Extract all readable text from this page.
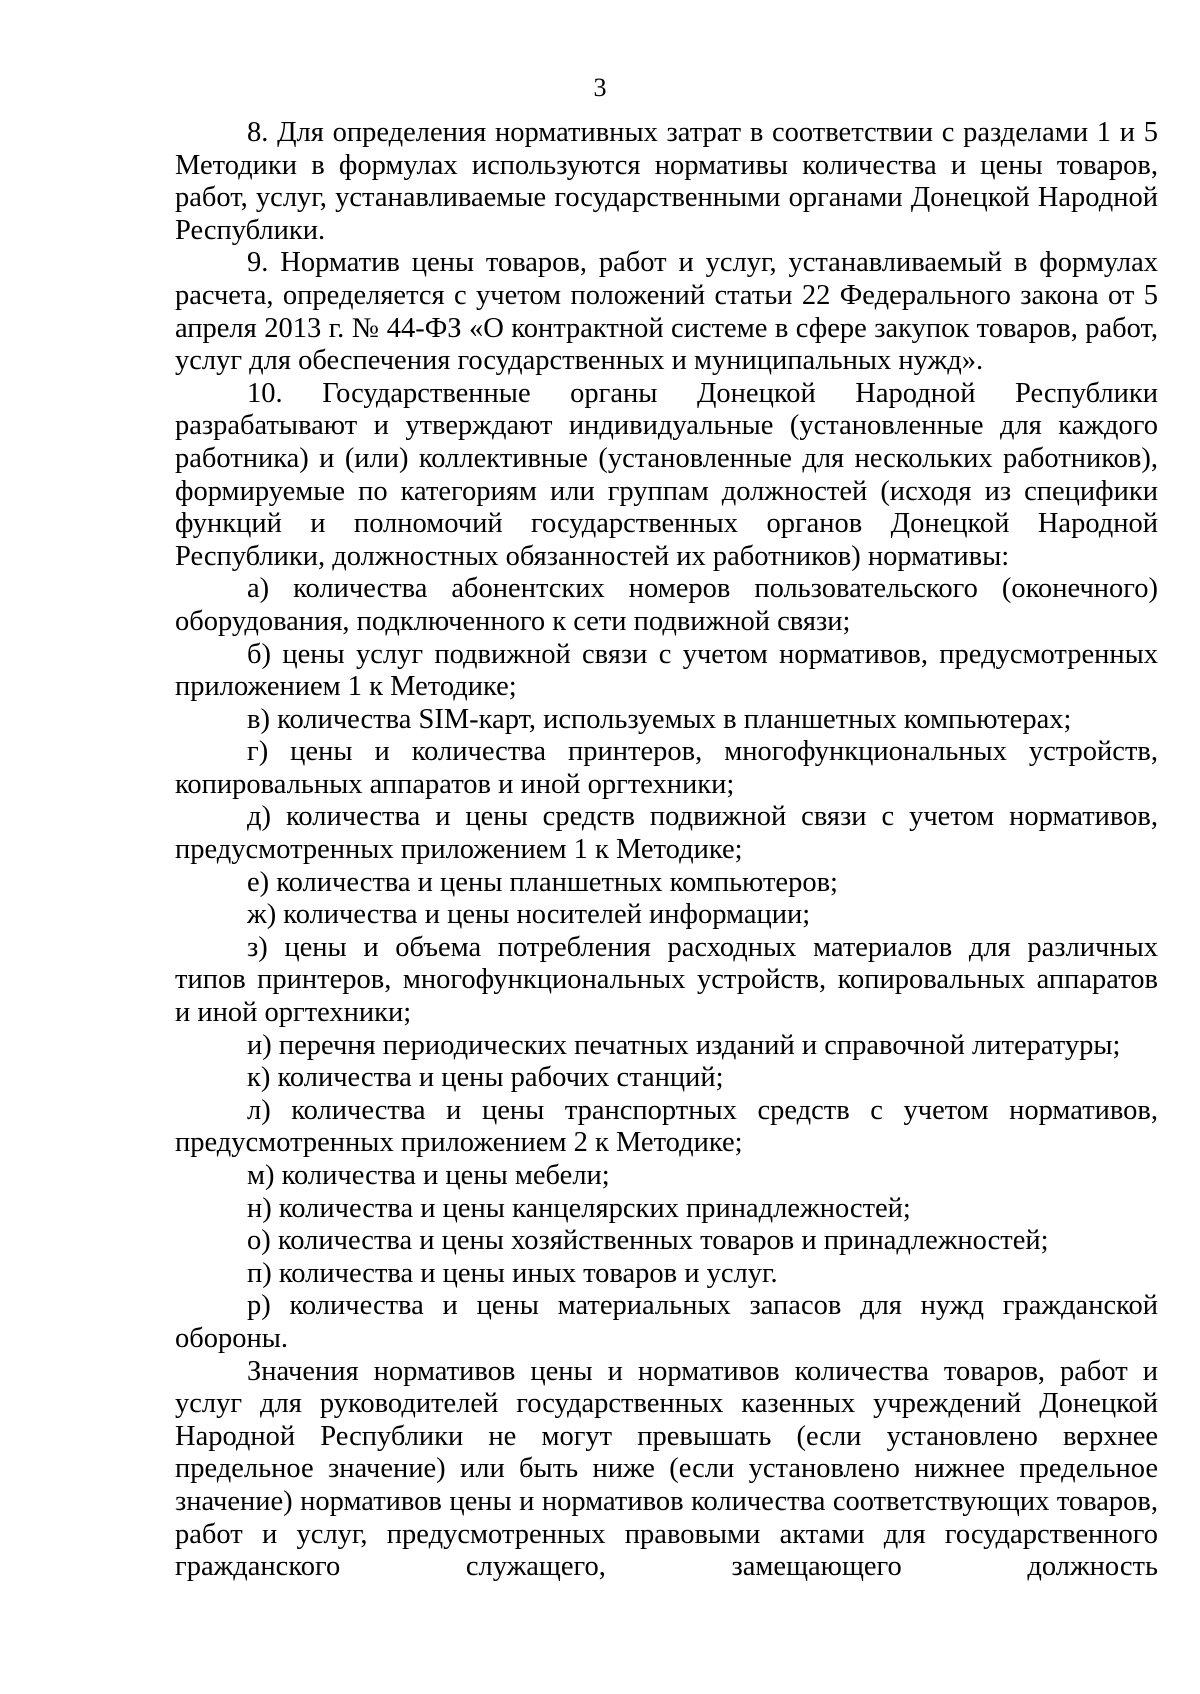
3

8. Для определения нормативных затрат в соответствии с разделами 1 и 5 Методики в формулах используются нормативы количества и цены товаров, работ, услуг, устанавливаемые государственными органами Донецкой Народной Республики.

9. Норматив цены товаров, работ и услуг, устанавливаемый в формулах расчета, определяется с учетом положений статьи 22 Федерального закона от 5 апреля 2013 г. № 44-ФЗ «О контрактной системе в сфере закупок товаров, работ, услуг для обеспечения государственных и муниципальных нужд».

10. Государственные органы Донецкой Народной Республики разрабатывают и утверждают индивидуальные (установленные для каждого работника) и (или) коллективные (установленные для нескольких работников), формируемые по категориям или группам должностей (исходя из специфики функций и полномочий государственных органов Донецкой Народной Республики, должностных обязанностей их работников) нормативы:

а) количества абонентских номеров пользовательского (оконечного) оборудования, подключенного к сети подвижной связи;

б) цены услуг подвижной связи с учетом нормативов, предусмотренных приложением 1 к Методике;

в) количества SIM-карт, используемых в планшетных компьютерах;

г) цены и количества принтеров, многофункциональных устройств, копировальных аппаратов и иной оргтехники;

д) количества и цены средств подвижной связи с учетом нормативов, предусмотренных приложением 1 к Методике;

е) количества и цены планшетных компьютеров;

ж) количества и цены носителей информации;

з) цены и объема потребления расходных материалов для различных типов принтеров, многофункциональных устройств, копировальных аппаратов и иной оргтехники;

и) перечня периодических печатных изданий и справочной литературы;

к) количества и цены рабочих станций;

л) количества и цены транспортных средств с учетом нормативов, предусмотренных приложением 2 к Методике;

м) количества и цены мебели;

н) количества и цены канцелярских принадлежностей;

о) количества и цены хозяйственных товаров и принадлежностей;

п) количества и цены иных товаров и услуг.

р) количества и цены материальных запасов для нужд гражданской обороны.

Значения нормативов цены и нормативов количества товаров, работ и услуг для руководителей государственных казенных учреждений Донецкой Народной Республики не могут превышать (если установлено верхнее предельное значение) или быть ниже (если установлено нижнее предельное значение) нормативов цены и нормативов количества соответствующих товаров, работ и услуг, предусмотренных правовыми актами для государственного гражданского служащего, замещающего должность
